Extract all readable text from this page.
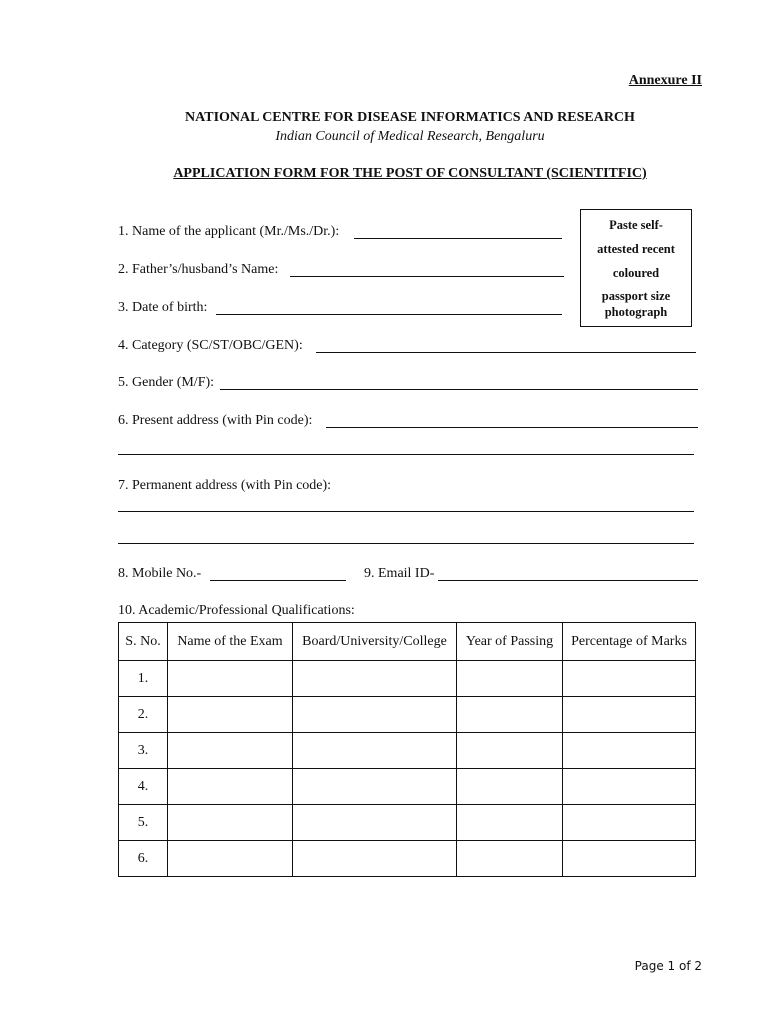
Annexure II
NATIONAL CENTRE FOR DISEASE INFORMATICS AND RESEARCH
Indian Council of Medical Research, Bengaluru
APPLICATION FORM FOR THE POST OF CONSULTANT (SCIENTITFIC)
Paste self-
attested recent
coloured
passport size
photograph
1. Name of the applicant (Mr./Ms./Dr.):
2. Father’s/husband’s Name:
3. Date of birth:
4. Category (SC/ST/OBC/GEN):
5. Gender (M/F):
6. Present address (with Pin code):
7. Permanent address (with Pin code):
8. Mobile No.-	9. Email ID-
10. Academic/Professional Qualifications:
S. No.	Name of the Exam	Board/University/College	Year of Passing	Percentage of Marks
1.				
2.				
3.				
4.				
5.				
6.				
Page 1 of 2
